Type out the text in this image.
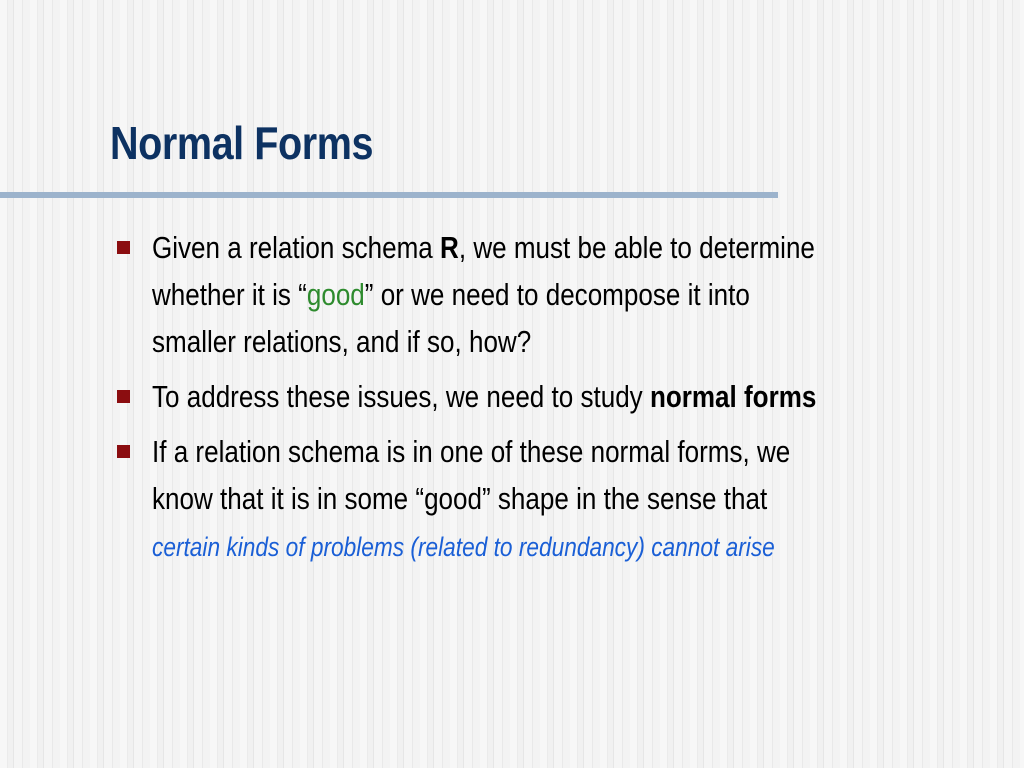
Normal Forms
Given a relation schema R, we must be able to determine
whether it is “good” or we need to decompose it into
smaller relations, and if so, how?
To address these issues, we need to study normal forms
If a relation schema is in one of these normal forms, we
know that it is in some “good” shape in the sense that
certain kinds of problems (related to redundancy) cannot arise
